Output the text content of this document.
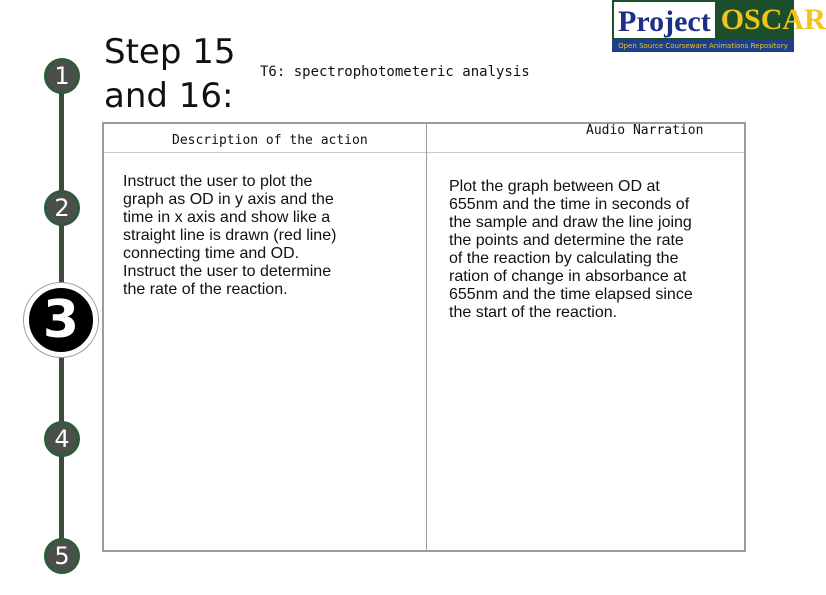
1
2
3
4
5
Step 15
and 16:
T6: spectrophotometeric analysis
Project OSCAR
Open Source Courseware Animations Repository
Description of the action
Audio Narration
Instruct the user to plot the graph as OD in y axis and the time in x axis and show like a straight line is drawn (red line) connecting time and OD. Instruct the user to determine the rate of the reaction.
Plot the graph between OD at 655nm and the time in seconds of the sample and draw the line joing the points and determine the rate of the reaction by calculating the ration of change in absorbance at 655nm and the time elapsed since the start of the reaction.
